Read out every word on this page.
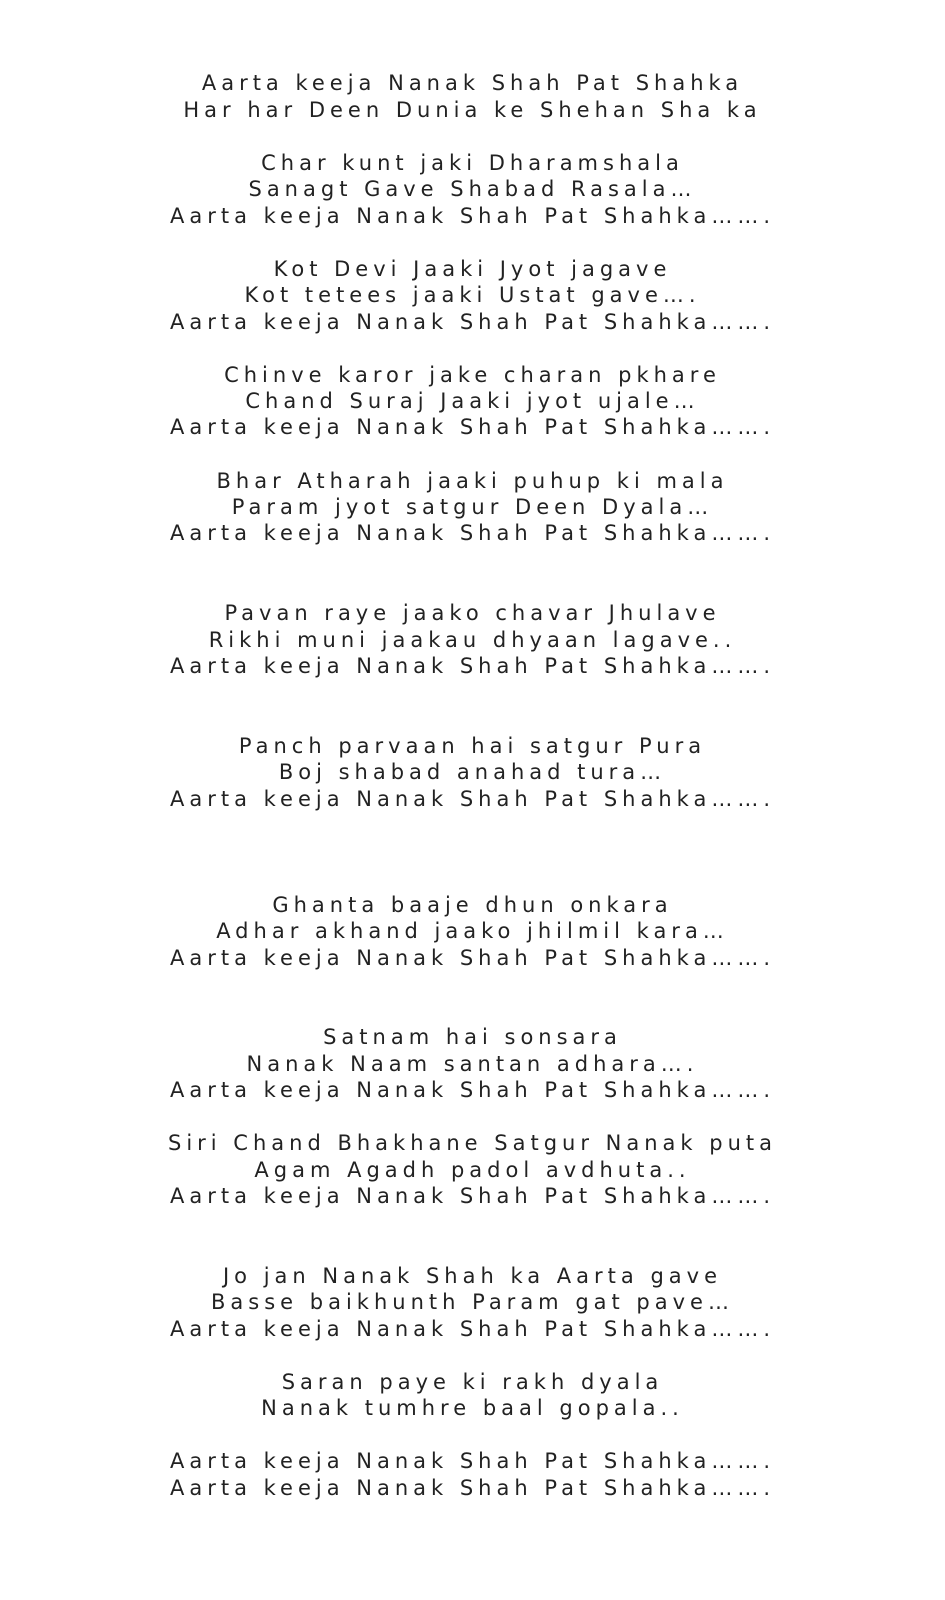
Aarta keeja Nanak Shah Pat Shahka
Har har Deen Dunia ke Shehan Sha ka
Char kunt jaki Dharamshala
Sanagt Gave Shabad Rasala…
Aarta keeja Nanak Shah Pat Shahka…….
Kot Devi Jaaki Jyot jagave
Kot tetees jaaki Ustat gave….
Aarta keeja Nanak Shah Pat Shahka…….
Chinve karor jake charan pkhare
Chand Suraj Jaaki jyot ujale…
Aarta keeja Nanak Shah Pat Shahka…….
Bhar Atharah jaaki puhup ki mala
Param jyot satgur Deen Dyala…
Aarta keeja Nanak Shah Pat Shahka…….
Pavan raye jaako chavar Jhulave
Rikhi muni jaakau dhyaan lagave..
Aarta keeja Nanak Shah Pat Shahka…….
Panch parvaan hai satgur Pura
Boj shabad anahad tura…
Aarta keeja Nanak Shah Pat Shahka…….
Ghanta baaje dhun onkara
Adhar akhand jaako jhilmil kara…
Aarta keeja Nanak Shah Pat Shahka…….
Satnam hai sonsara
Nanak Naam santan adhara….
Aarta keeja Nanak Shah Pat Shahka…….
Siri Chand Bhakhane Satgur Nanak puta
Agam Agadh padol avdhuta..
Aarta keeja Nanak Shah Pat Shahka…….
Jo jan Nanak Shah ka Aarta gave
Basse baikhunth Param gat pave…
Aarta keeja Nanak Shah Pat Shahka…….
Saran paye ki rakh dyala
Nanak tumhre baal gopala..
Aarta keeja Nanak Shah Pat Shahka…….
Aarta keeja Nanak Shah Pat Shahka…….
